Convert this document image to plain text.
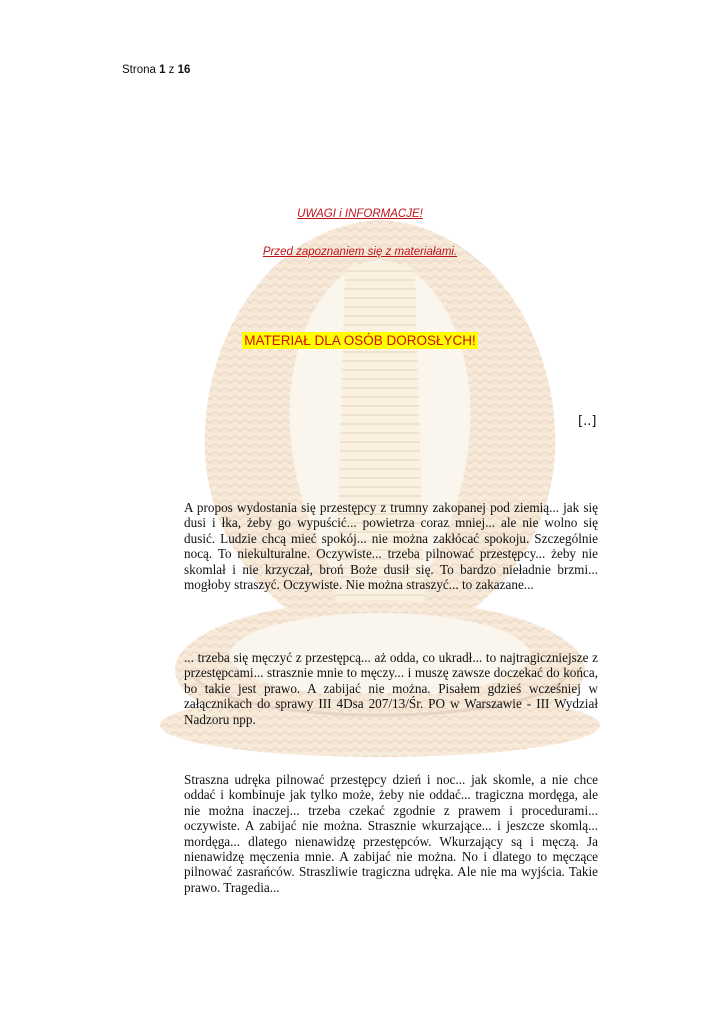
Strona 1 z 16
UWAGI i INFORMACJE!
Przed zapoznaniem się z materiałami.
MATERIAŁ DLA OSÓB DOROSŁYCH!
[..]

A propos wydostania się przestępcy z trumny zakopanej pod ziemią... jak się dusi i łka, żeby go wypuścić... powietrza coraz mniej... ale nie wolno się dusić. Ludzie chcą mieć spokój... nie można zakłócać spokoju. Szczególnie nocą. To niekulturalne. Oczywiste... trzeba pilnować przestępcy... żeby nie skomlał i nie krzyczał, broń Boże dusił się. To bardzo nieładnie brzmi... mogłoby straszyć. Oczywiste. Nie można straszyć... to zakazane...

... trzeba się męczyć z przestępcą... aż odda, co ukradł... to najtragiczniejsze z przestępcami... strasznie mnie to męczy... i muszę zawsze doczekać do końca, bo takie jest prawo. A zabijać nie można. Pisałem gdzieś wcześniej w załącznikach do sprawy III 4Dsa 207/13/Śr. PO w Warszawie - III Wydział Nadzoru npp.

Straszna udręka pilnować przestępcy dzień i noc... jak skomle, a nie chce oddać i kombinuje jak tylko może, żeby nie oddać... tragiczna mordęga, ale nie można inaczej... trzeba czekać zgodnie z prawem i procedurami... oczywiste. A zabijać nie można. Strasznie wkurzające... i jeszcze skomlą... mordęga... dlatego nienawidzę przestępców. Wkurzający są i męczą. Ja nienawidzę męczenia mnie. A zabijać nie można. No i dlatego to męczące pilnować zasrańców. Straszliwie tragiczna udręka. Ale nie ma wyjścia. Takie prawo. Tragedia...
